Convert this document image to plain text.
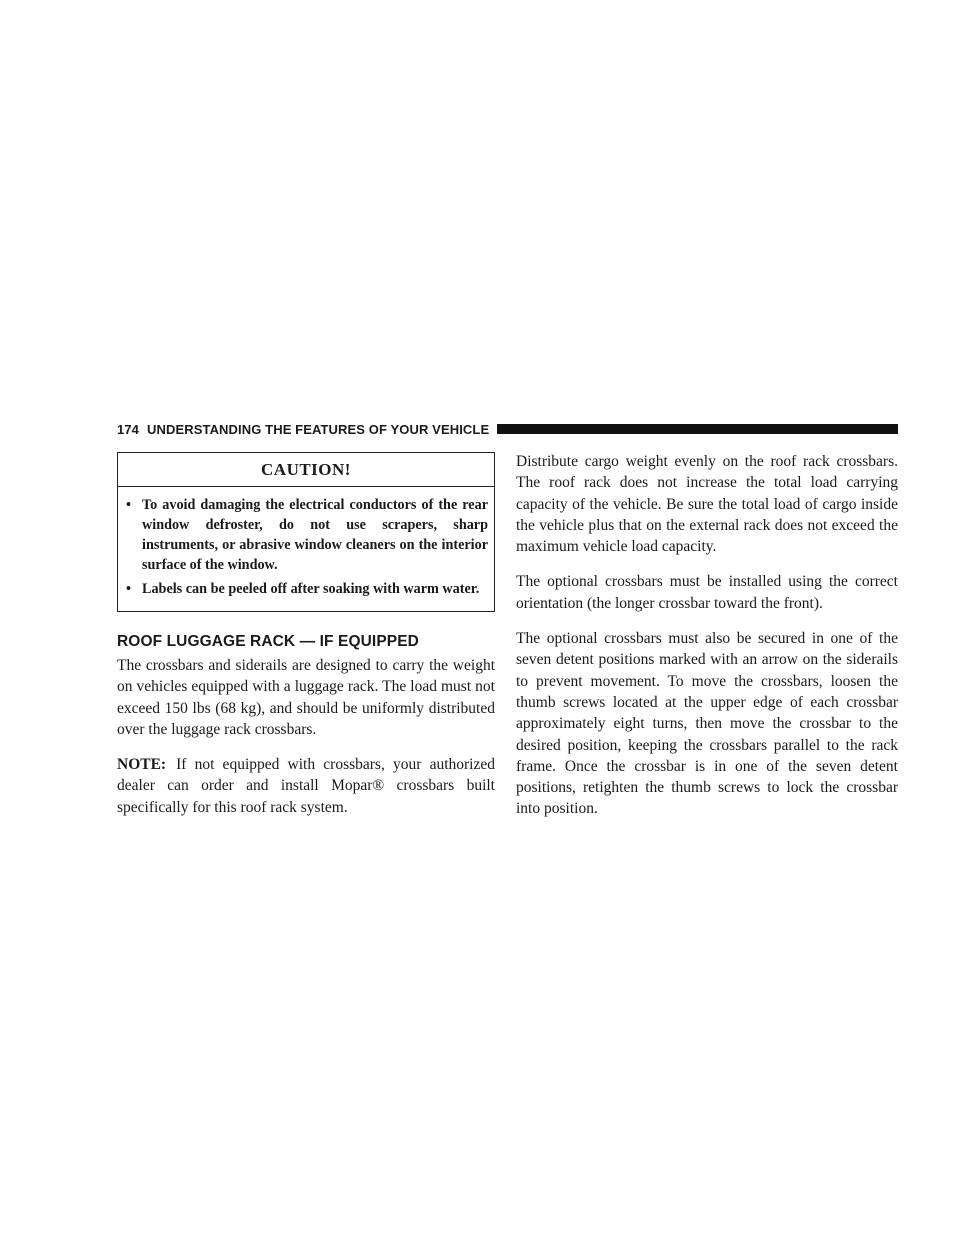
174 UNDERSTANDING THE FEATURES OF YOUR VEHICLE
CAUTION!
• To avoid damaging the electrical conductors of the rear window defroster, do not use scrapers, sharp instruments, or abrasive window cleaners on the interior surface of the window.
• Labels can be peeled off after soaking with warm water.
ROOF LUGGAGE RACK — IF EQUIPPED

The crossbars and siderails are designed to carry the weight on vehicles equipped with a luggage rack. The load must not exceed 150 lbs (68 kg), and should be uniformly distributed over the luggage rack crossbars.

NOTE: If not equipped with crossbars, your authorized dealer can order and install Mopar® crossbars built specifically for this roof rack system.

Distribute cargo weight evenly on the roof rack crossbars. The roof rack does not increase the total load carrying capacity of the vehicle. Be sure the total load of cargo inside the vehicle plus that on the external rack does not exceed the maximum vehicle load capacity.

The optional crossbars must be installed using the correct orientation (the longer crossbar toward the front).

The optional crossbars must also be secured in one of the seven detent positions marked with an arrow on the siderails to prevent movement. To move the crossbars, loosen the thumb screws located at the upper edge of each crossbar approximately eight turns, then move the crossbar to the desired position, keeping the crossbars parallel to the rack frame. Once the crossbar is in one of the seven detent positions, retighten the thumb screws to lock the crossbar into position.
